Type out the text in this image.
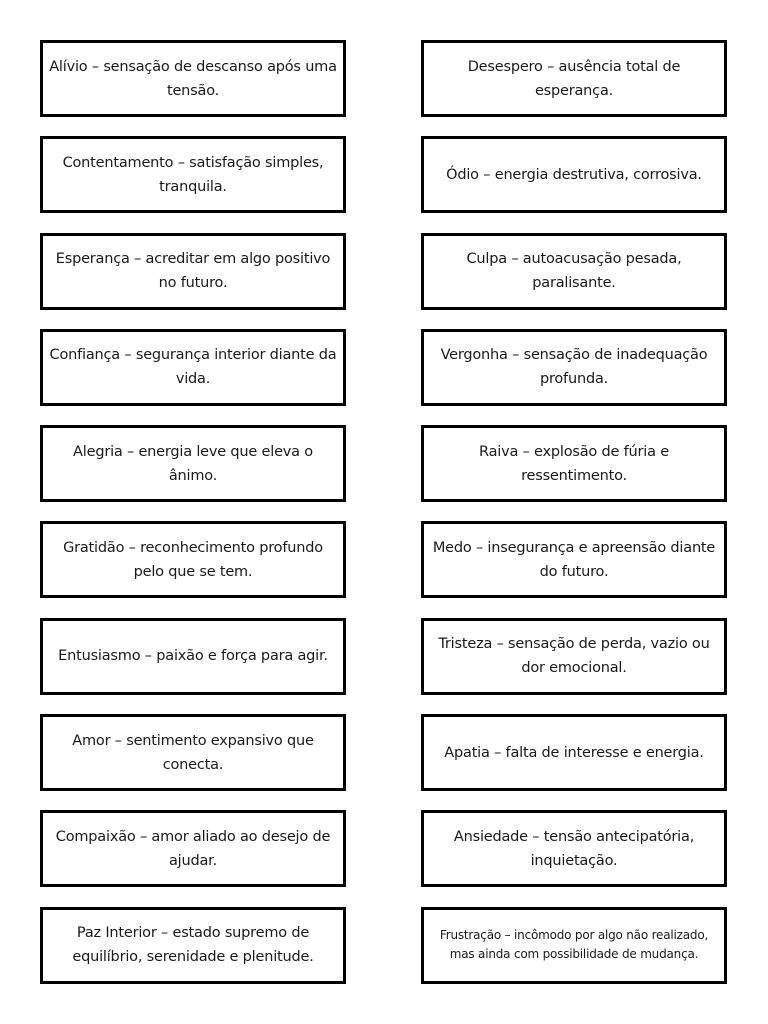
Alívio – sensação de descanso após uma tensão.
Contentamento – satisfação simples, tranquila.
Esperança – acreditar em algo positivo no futuro.
Confiança – segurança interior diante da vida.
Alegria – energia leve que eleva o ânimo.
Gratidão – reconhecimento profundo pelo que se tem.
Entusiasmo – paixão e força para agir.
Amor – sentimento expansivo que conecta.
Compaixão – amor aliado ao desejo de ajudar.
Paz Interior – estado supremo de equilíbrio, serenidade e plenitude.
Desespero – ausência total de esperança.
Ódio – energia destrutiva, corrosiva.
Culpa – autoacusação pesada, paralisante.
Vergonha – sensação de inadequação profunda.
Raiva – explosão de fúria e ressentimento.
Medo – insegurança e apreensão diante do futuro.
Tristeza – sensação de perda, vazio ou dor emocional.
Apatia – falta de interesse e energia.
Ansiedade – tensão antecipatória, inquietação.
Frustração – incômodo por algo não realizado, mas ainda com possibilidade de mudança.
